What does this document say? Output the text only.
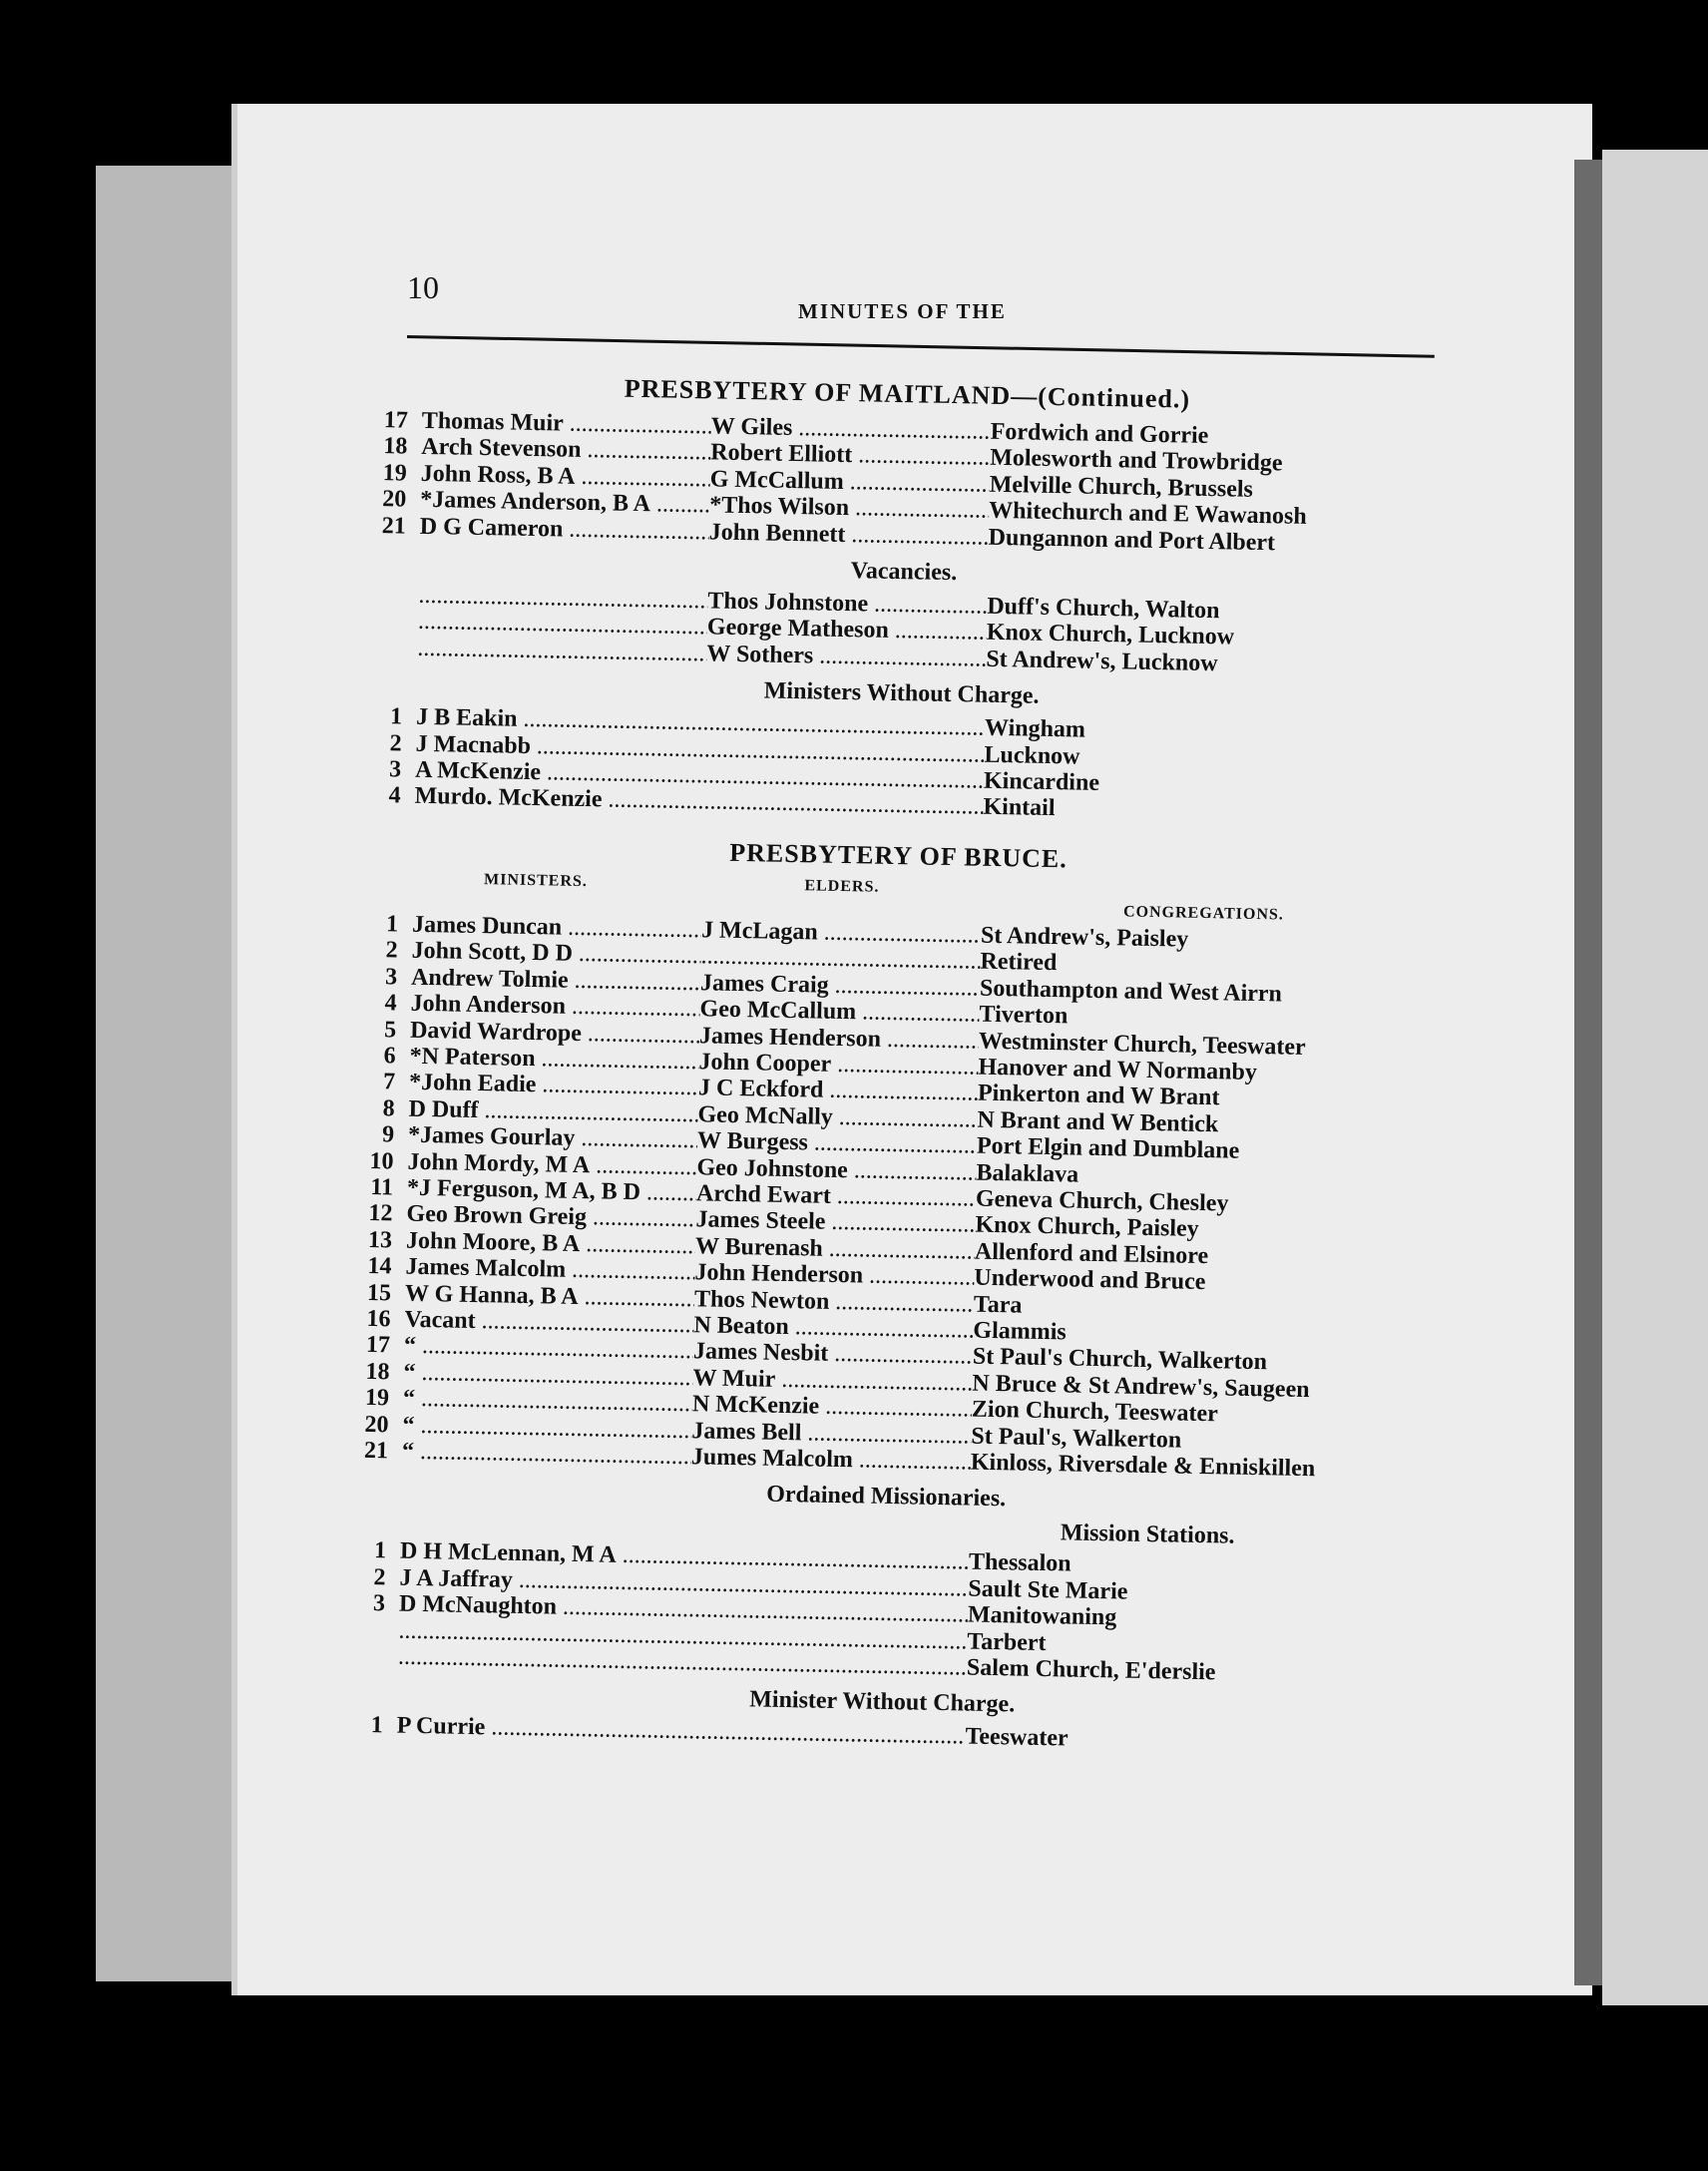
10
MINUTES OF THE
PRESBYTERY OF MAITLAND—(Continued.)
17 Thomas Muir .....	W Giles .....	Fordwich and Gorrie
18 Arch Stevenson .....	Robert Elliott .....	Molesworth and Trowbridge
19 John Ross, B A .....	G McCallum .....	Melville Church, Brussels
20 *James Anderson, B A .....	*Thos Wilson .....	Whitechurch and E Wawanosh
21 D G Cameron .....	John Bennett .....	Dungannon and Port Albert
Vacancies.
.....
Thos Johnstone .....	Duff's Church, Walton
.....
George Matheson .....	Knox Church, Lucknow
.....
W Sothers .....	St Andrew's, Lucknow
Ministers Without Charge.
1 J B Eakin .....	Wingham
2 J Macnabb .....	Lucknow
3 A McKenzie .....	Kincardine
4 Murdo. McKenzie .....	Kintail
PRESBYTERY OF BRUCE.
MINISTERS.	ELDERS.
CONGREGATIONS.
1 James Duncan .....	J McLagan .....	St Andrew's, Paisley
2 John Scott, D D .....
.....	Retired
3 Andrew Tolmie .....	James Craig .....	Southampton and West Airrn
4 John Anderson .....	Geo McCallum .....	Tiverton
5 David Wardrope .....	James Henderson .....	Westminster Church, Teeswater
6 *N Paterson .....	John Cooper .....	Hanover and W Normanby
7 *John Eadie .....	J C Eckford .....	Pinkerton and W Brant
8 D Duff .....	Geo McNally .....	N Brant and W Bentick
9 *James Gourlay .....	W Burgess .....	Port Elgin and Dumblane
10 John Mordy, M A .....	Geo Johnstone .....	Balaklava
11 *J Ferguson, M A, B D .....	Archd Ewart .....	Geneva Church, Chesley
12 Geo Brown Greig .....	James Steele .....	Knox Church, Paisley
13 John Moore, B A .....	W Burenash .....	Allenford and Elsinore
14 James Malcolm .....	John Henderson .....	Underwood and Bruce
15 W G Hanna, B A .....	Thos Newton .....	Tara
16 Vacant .....	N Beaton .....	Glammis
17 “ .....	James Nesbit .....	St Paul's Church, Walkerton
18 “ .....	W Muir .....	N Bruce & St Andrew's, Saugeen
19 “ .....	N McKenzie .....	Zion Church, Teeswater
20 “ .....	James Bell .....	St Paul's, Walkerton
21 “ .....	Jumes Malcolm .....	Kinloss, Riversdale & Enniskillen
Ordained Missionaries.
Mission Stations.
1 D H McLennan, M A .....	Thessalon
2 J A Jaffray .....	Sault Ste Marie
3 D McNaughton .....	Manitowaning
.....
Tarbert
.....
Salem Church, E'derslie
Minister Without Charge.
1 P Currie .....	Teeswater
